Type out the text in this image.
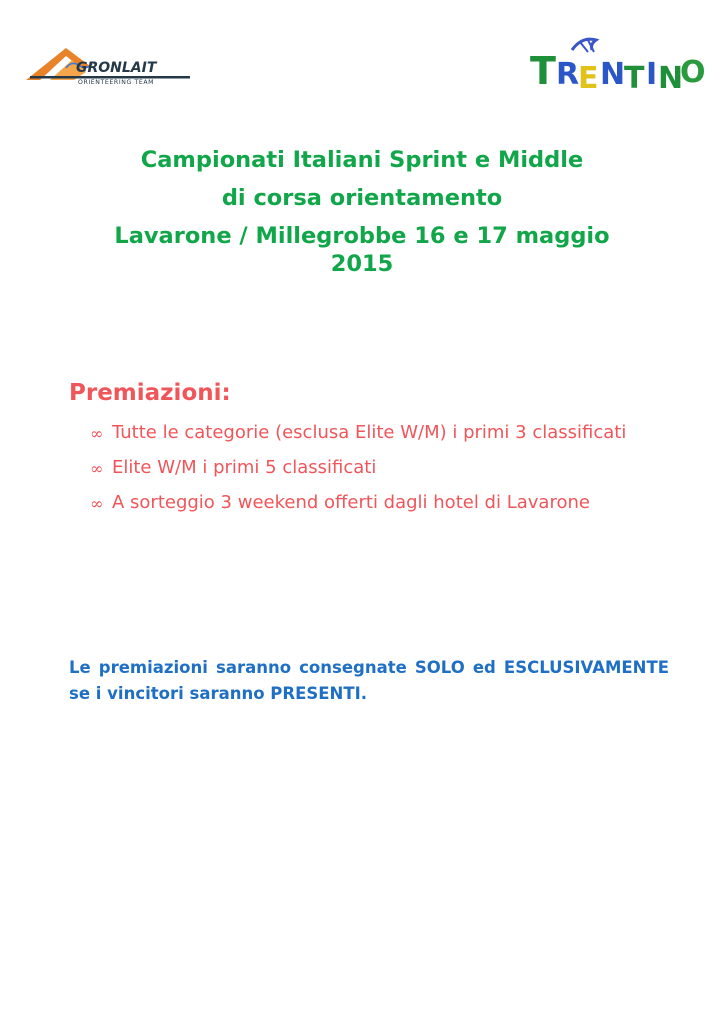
GRONLAIT
ORIENTEERING TEAM	T R
E N
T I N
O

Campionati Italiani Sprint e Middle

di corsa orientamento

Lavarone / Millegrobbe 16 e 17 maggio

2015

Premiazioni:
∞ Tutte le categorie (esclusa Elite W/M) i primi 3 classificati
∞ Elite W/M i primi 5 classificati
∞ A sorteggio 3 weekend offerti dagli hotel di Lavarone

Le premiazioni saranno consegnate SOLO ed ESCLUSIVAMENTE se i vincitori saranno PRESENTI.
